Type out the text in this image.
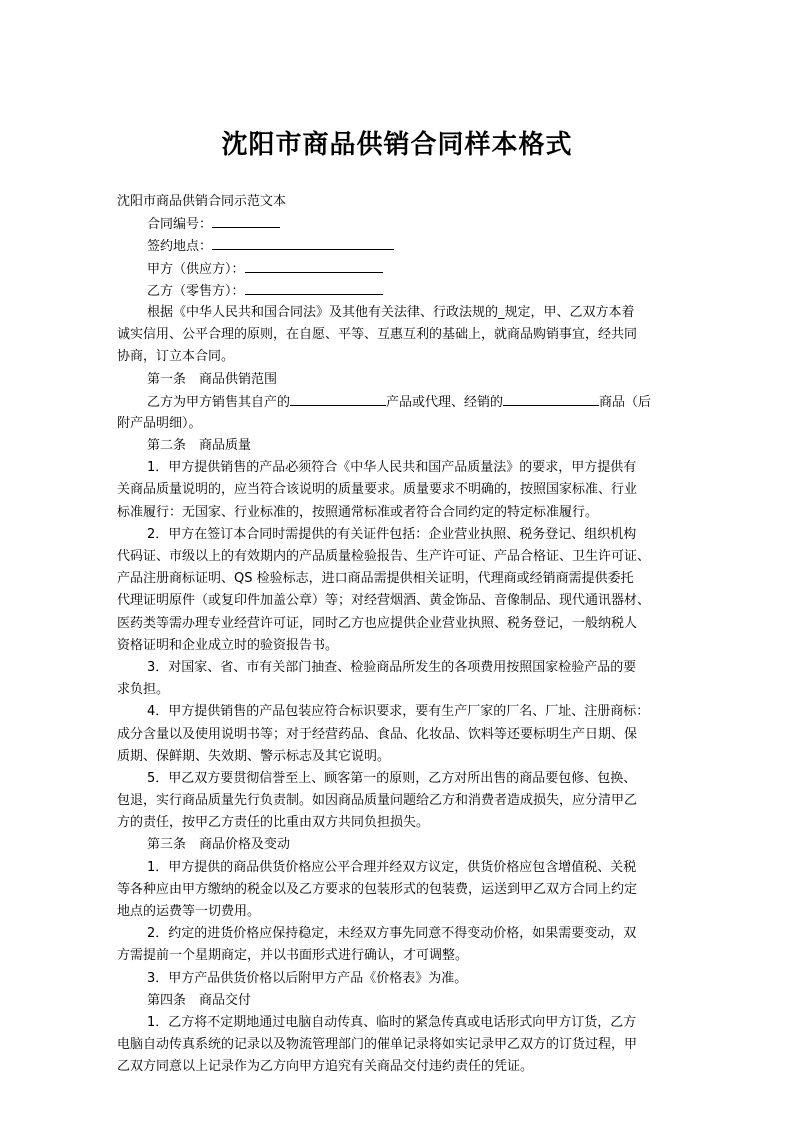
沈阳市商品供销合同样本格式
沈阳市商品供销合同示范文本
合同编号：
签约地点：
甲方（供应方）：
乙方（零售方）：
根据《中华人民共和国合同法》及其他有关法律、行政法规的_规定，甲、乙双方本着
诚实信用、公平合理的原则，在自愿、平等、互惠互利的基础上，就商品购销事宜，经共同
协商，订立本合同。
第一条　商品供销范围
乙方为甲方销售其自产的	产品或代理、经销的	商品（后
附产品明细）。
第二条　商品质量
1．甲方提供销售的产品必须符合《中华人民共和国产品质量法》的要求，甲方提供有
关商品质量说明的，应当符合该说明的质量要求。质量要求不明确的，按照国家标准、行业
标准履行：无国家、行业标准的，按照通常标准或者符合合同约定的特定标准履行。
2．甲方在签订本合同时需提供的有关证件包括：企业营业执照、税务登记、组织机构
代码证、市级以上的有效期内的产品质量检验报告、生产许可证、产品合格证、卫生许可证、
产品注册商标证明、QS 检验标志，进口商品需提供相关证明，代理商或经销商需提供委托
代理证明原件（或复印件加盖公章）等；对经营烟酒、黄金饰品、音像制品、现代通讯器材、
医药类等需办理专业经营许可证，同时乙方也应提供企业营业执照、税务登记，一般纳税人
资格证明和企业成立时的验资报告书。
3．对国家、省、市有关部门抽查、检验商品所发生的各项费用按照国家检验产品的要
求负担。
4．甲方提供销售的产品包装应符合标识要求，要有生产厂家的厂名、厂址、注册商标：
成分含量以及使用说明书等；对于经营药品、食品、化妆品、饮料等还要标明生产日期、保
质期、保鲜期、失效期、警示标志及其它说明。
5．甲乙双方要贯彻信誉至上、顾客第一的原则，乙方对所出售的商品要包修、包换、
包退，实行商品质量先行负责制。如因商品质量问题给乙方和消费者造成损失，应分清甲乙
方的责任，按甲乙方责任的比重由双方共同负担损失。
第三条　商品价格及变动
1．甲方提供的商品供货价格应公平合理并经双方议定，供货价格应包含增值税、关税
等各种应由甲方缴纳的税金以及乙方要求的包装形式的包装费，运送到甲乙双方合同上约定
地点的运费等一切费用。
2．约定的进货价格应保持稳定，未经双方事先同意不得变动价格，如果需要变动，双
方需提前一个星期商定，并以书面形式进行确认，才可调整。
3．甲方产品供货价格以后附甲方产品《价格表》为准。
第四条　商品交付
1．乙方将不定期地通过电脑自动传真、临时的紧急传真或电话形式向甲方订货，乙方
电脑自动传真系统的记录以及物流管理部门的催单记录将如实记录甲乙双方的订货过程，甲
乙双方同意以上记录作为乙方向甲方追究有关商品交付违约责任的凭证。
